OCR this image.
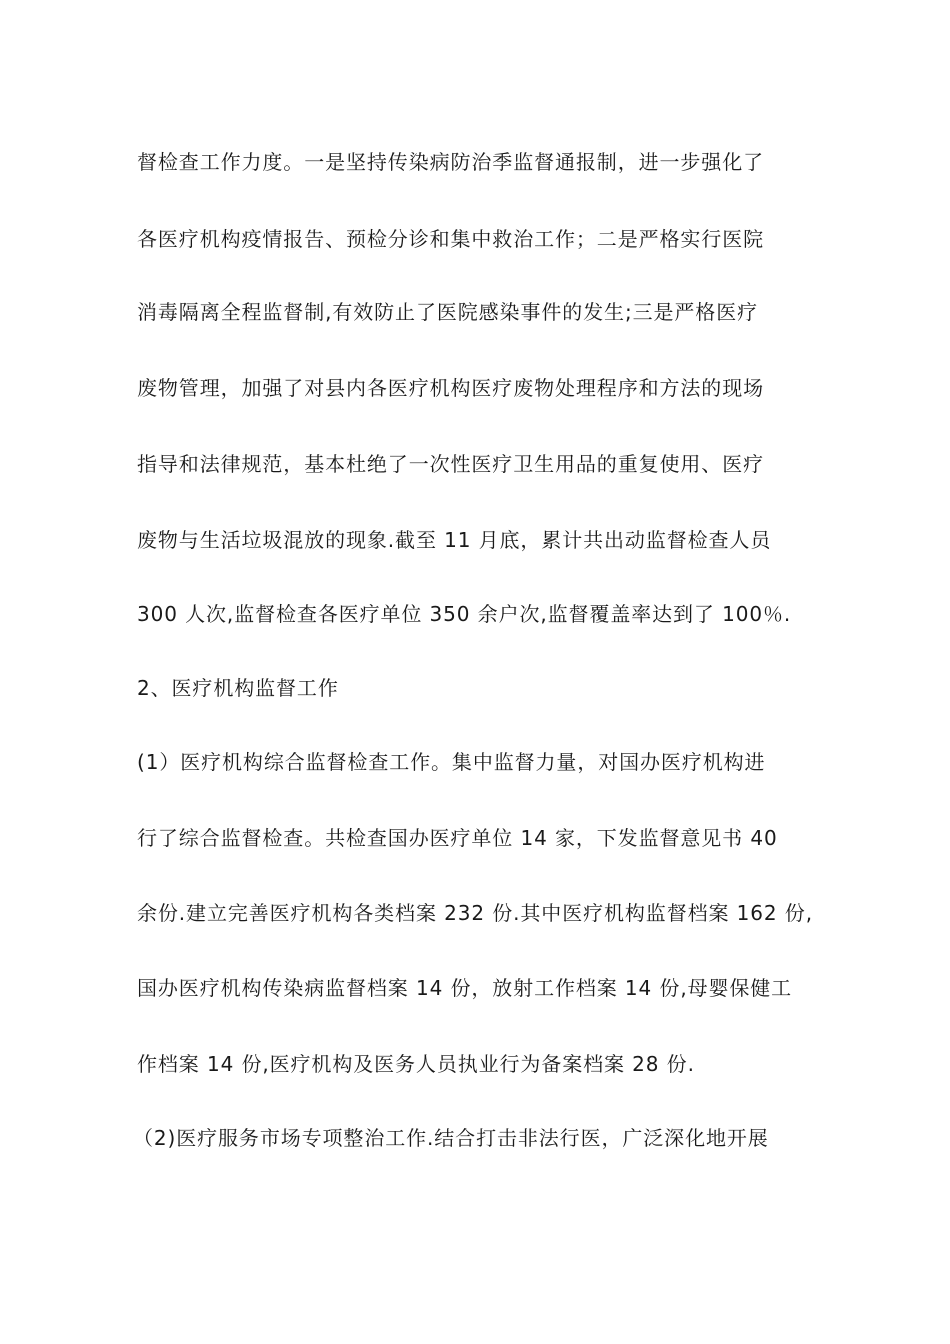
督检查工作力度。一是坚持传染病防治季监督通报制，进一步强化了

各医疗机构疫情报告、预检分诊和集中救治工作；二是严格实行医院

消毒隔离全程监督制,有效防止了医院感染事件的发生;三是严格医疗

废物管理，加强了对县内各医疗机构医疗废物处理程序和方法的现场

指导和法律规范，基本杜绝了一次性医疗卫生用品的重复使用、医疗

废物与生活垃圾混放的现象.截至 11 月底，累计共出动监督检查人员

300 人次,监督检查各医疗单位 350 余户次,监督覆盖率达到了 100％.

2、医疗机构监督工作

(1）医疗机构综合监督检查工作。集中监督力量，对国办医疗机构进

行了综合监督检查。共检查国办医疗单位 14 家，下发监督意见书 40

余份.建立完善医疗机构各类档案 232 份.其中医疗机构监督档案 162 份,

国办医疗机构传染病监督档案 14 份，放射工作档案 14 份,母婴保健工

作档案 14 份,医疗机构及医务人员执业行为备案档案 28 份.

（2)医疗服务市场专项整治工作.结合打击非法行医，广泛深化地开展
